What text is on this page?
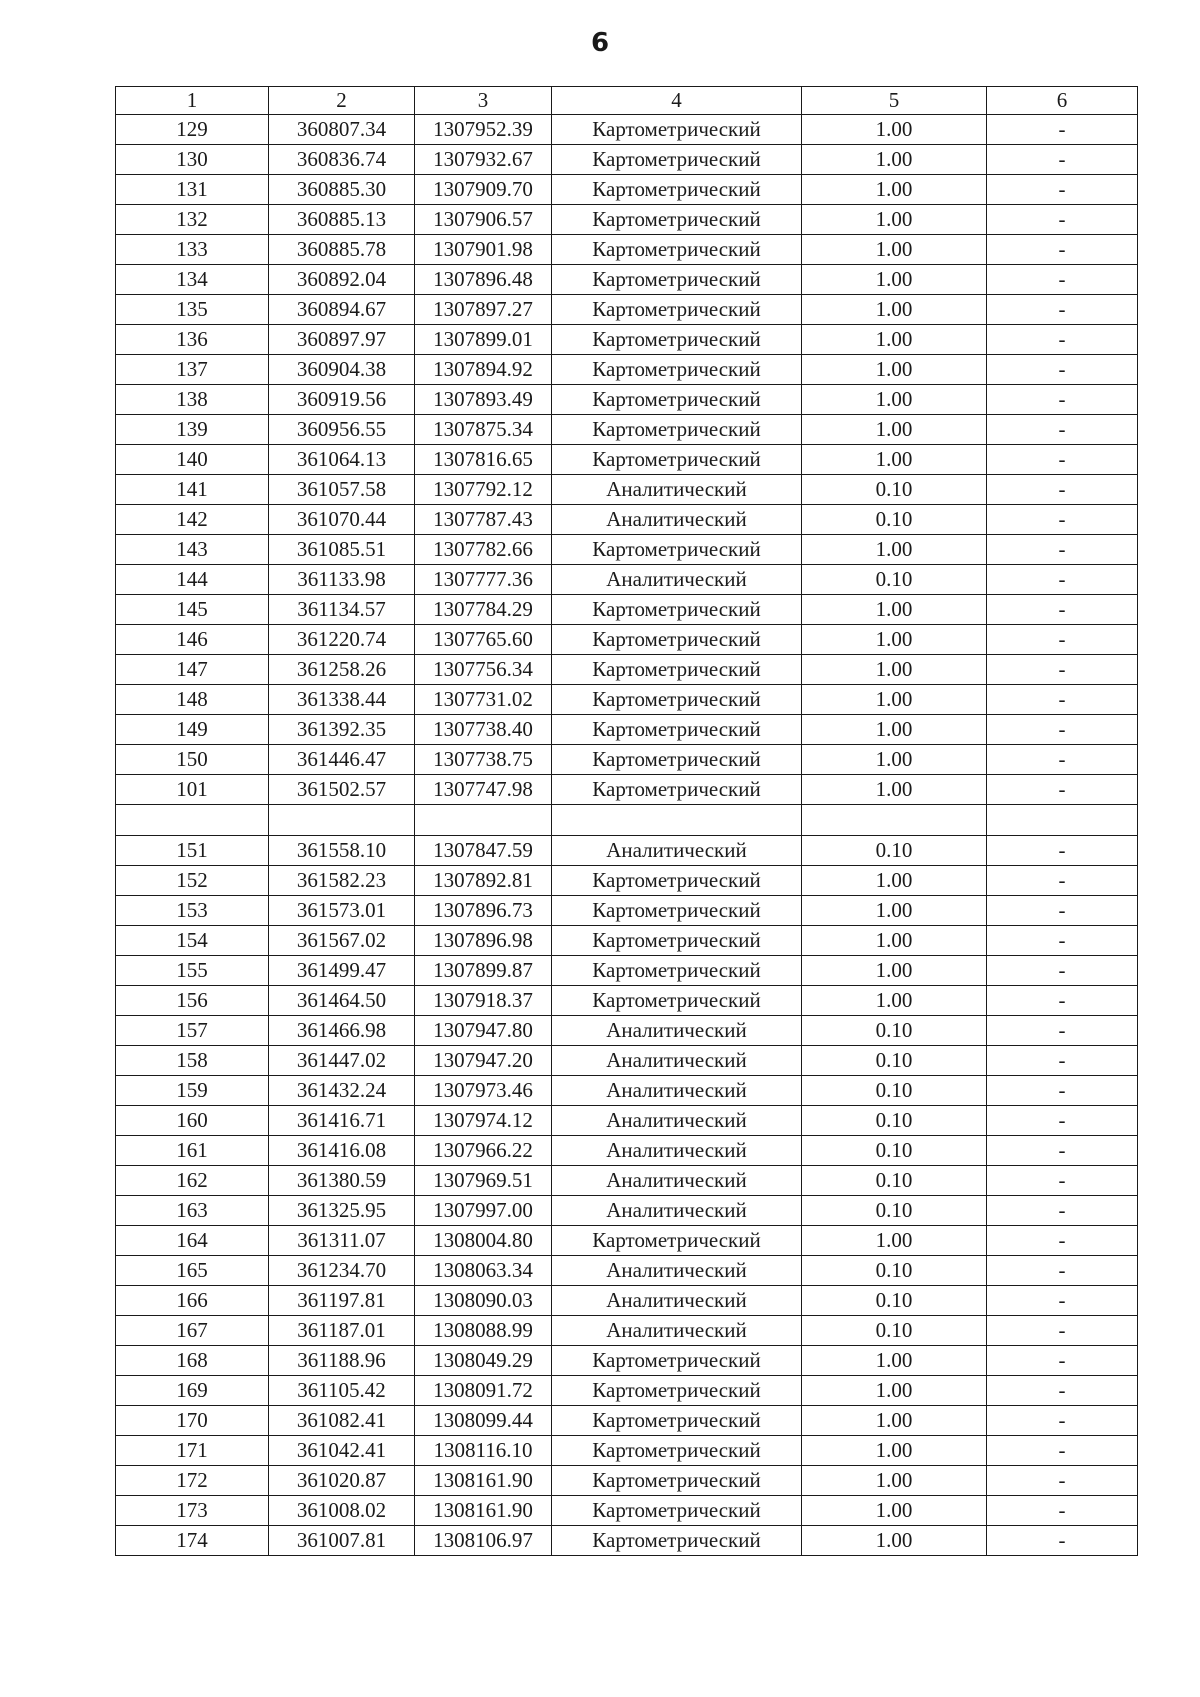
6
1	2	3	4	5	6
129	360807.34	1307952.39	Картометрический	1.00	-
130	360836.74	1307932.67	Картометрический	1.00	-
131	360885.30	1307909.70	Картометрический	1.00	-
132	360885.13	1307906.57	Картометрический	1.00	-
133	360885.78	1307901.98	Картометрический	1.00	-
134	360892.04	1307896.48	Картометрический	1.00	-
135	360894.67	1307897.27	Картометрический	1.00	-
136	360897.97	1307899.01	Картометрический	1.00	-
137	360904.38	1307894.92	Картометрический	1.00	-
138	360919.56	1307893.49	Картометрический	1.00	-
139	360956.55	1307875.34	Картометрический	1.00	-
140	361064.13	1307816.65	Картометрический	1.00	-
141	361057.58	1307792.12	Аналитический	0.10	-
142	361070.44	1307787.43	Аналитический	0.10	-
143	361085.51	1307782.66	Картометрический	1.00	-
144	361133.98	1307777.36	Аналитический	0.10	-
145	361134.57	1307784.29	Картометрический	1.00	-
146	361220.74	1307765.60	Картометрический	1.00	-
147	361258.26	1307756.34	Картометрический	1.00	-
148	361338.44	1307731.02	Картометрический	1.00	-
149	361392.35	1307738.40	Картометрический	1.00	-
150	361446.47	1307738.75	Картометрический	1.00	-
101	361502.57	1307747.98	Картометрический	1.00	-

151	361558.10	1307847.59	Аналитический	0.10	-
152	361582.23	1307892.81	Картометрический	1.00	-
153	361573.01	1307896.73	Картометрический	1.00	-
154	361567.02	1307896.98	Картометрический	1.00	-
155	361499.47	1307899.87	Картометрический	1.00	-
156	361464.50	1307918.37	Картометрический	1.00	-
157	361466.98	1307947.80	Аналитический	0.10	-
158	361447.02	1307947.20	Аналитический	0.10	-
159	361432.24	1307973.46	Аналитический	0.10	-
160	361416.71	1307974.12	Аналитический	0.10	-
161	361416.08	1307966.22	Аналитический	0.10	-
162	361380.59	1307969.51	Аналитический	0.10	-
163	361325.95	1307997.00	Аналитический	0.10	-
164	361311.07	1308004.80	Картометрический	1.00	-
165	361234.70	1308063.34	Аналитический	0.10	-
166	361197.81	1308090.03	Аналитический	0.10	-
167	361187.01	1308088.99	Аналитический	0.10	-
168	361188.96	1308049.29	Картометрический	1.00	-
169	361105.42	1308091.72	Картометрический	1.00	-
170	361082.41	1308099.44	Картометрический	1.00	-
171	361042.41	1308116.10	Картометрический	1.00	-
172	361020.87	1308161.90	Картометрический	1.00	-
173	361008.02	1308161.90	Картометрический	1.00	-
174	361007.81	1308106.97	Картометрический	1.00	-
